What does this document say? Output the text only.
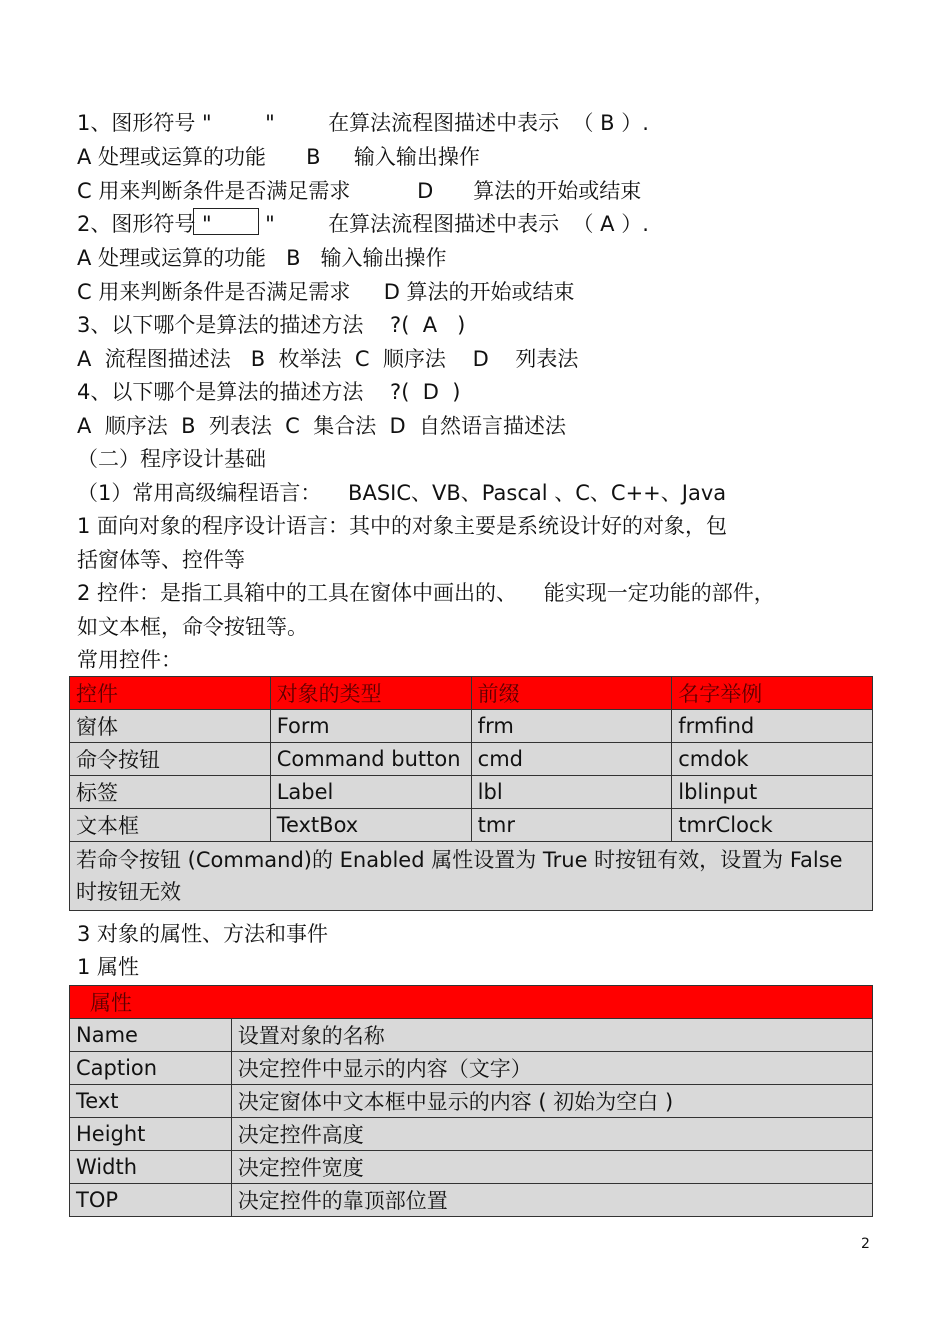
1、图形符号 "        "        在算法流程图描述中表示  （ B ）.
A 处理或运算的功能      B     输入输出操作
C 用来判断条件是否满足需求          D      算法的开始或结束
2、图形符号 "        "        在算法流程图描述中表示  （ A ）.
A 处理或运算的功能   B   输入输出操作
C 用来判断条件是否满足需求     D 算法的开始或结束
3、以下哪个是算法的描述方法    ?(  A   )
A  流程图描述法   B  枚举法  C  顺序法    D    列表法
4、以下哪个是算法的描述方法    ?(  D  )
A  顺序法  B  列表法  C  集合法  D  自然语言描述法
（二）程序设计基础
（1）常用高级编程语言：    BASIC、VB、Pascal 、C、C++、Java
1 面向对象的程序设计语言：其中的对象主要是系统设计好的对象，包
括窗体等、控件等
2 控件：是指工具箱中的工具在窗体中画出的、    能实现一定功能的部件，
如文本框，命令按钮等。
常用控件：
控件	对象的类型	前缀	名字举例
窗体	Form	frm	frmfind
命令按钮	Command button	cmd	cmdok
标签	Label	lbl	lblinput
文本框	TextBox	tmr	tmrClock
若命令按钮 (Command)的 Enabled 属性设置为 True 时按钮有效，设置为 False 时按钮无效			
3 对象的属性、方法和事件
1 属性
属性	
Name	设置对象的名称
Caption	决定控件中显示的内容（文字）
Text	决定窗体中文本框中显示的内容 ( 初始为空白 )
Height	决定控件高度
Width	决定控件宽度
TOP	决定控件的靠顶部位置
2
